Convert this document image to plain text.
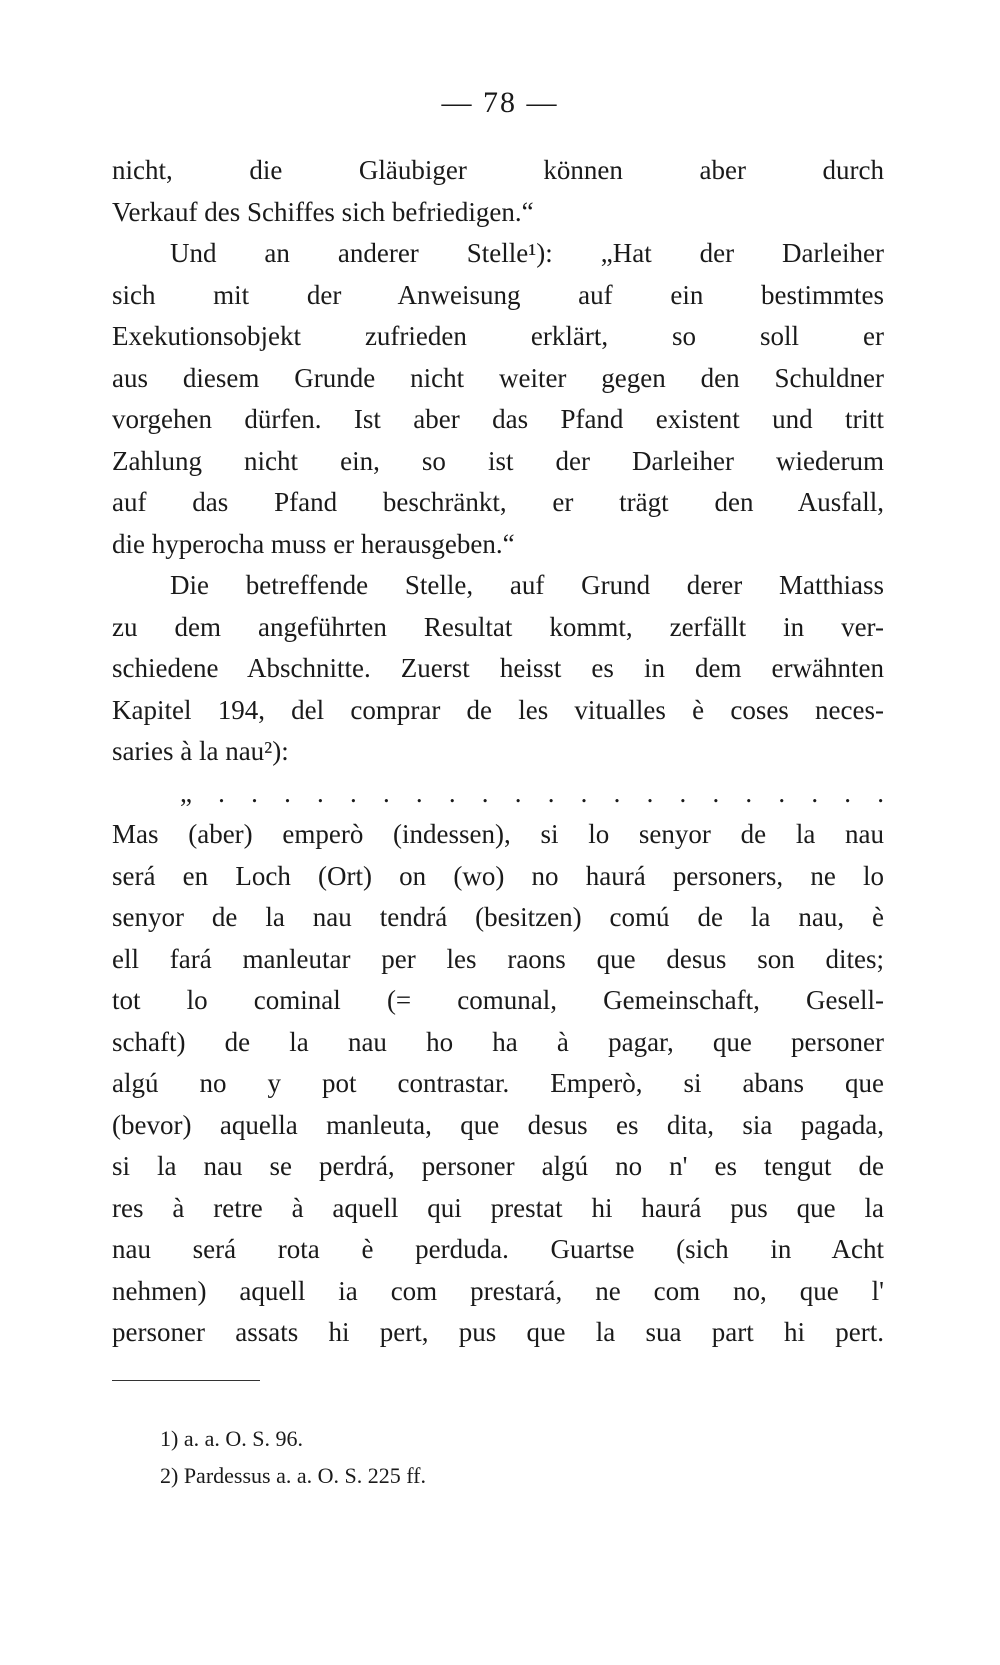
— 78 —
nicht, die Gläubiger können aber durch
Verkauf des Schiffes sich befriedigen.“
Und an anderer Stelle¹): „Hat der Darleiher
sich mit der Anweisung auf ein bestimmtes
Exekutionsobjekt zufrieden erklärt, so soll er
aus diesem Grunde nicht weiter gegen den Schuldner
vorgehen dürfen. Ist aber das Pfand existent und tritt
Zahlung nicht ein, so ist der Darleiher wiederum
auf das Pfand beschränkt, er trägt den Ausfall,
die hyperocha muss er herausgeben.“
Die betreffende Stelle, auf Grund derer Matthiass
zu dem angeführten Resultat kommt, zerfällt in ver-
schiedene Abschnitte. Zuerst heisst es in dem erwähnten
Kapitel 194, del comprar de les vitualles è coses neces-
saries à la nau²):
„ . . . . . . . . . . . . . . . . . . . . .
Mas (aber) emperò (indessen), si lo senyor de la nau
será en Loch (Ort) on (wo) no haurá personers, ne lo
senyor de la nau tendrá (besitzen) comú de la nau, è
ell fará manleutar per les raons que desus son dites;
tot lo cominal (= comunal, Gemeinschaft, Gesell-
schaft) de la nau ho ha à pagar, que personer
algú no y pot contrastar. Emperò, si abans que
(bevor) aquella manleuta, que desus es dita, sia pagada,
si la nau se perdrá, personer algú no n' es tengut de
res à retre à aquell qui prestat hi haurá pus que la
nau será rota è perduda. Guartse (sich in Acht
nehmen) aquell ia com prestará, ne com no, que l'
personer assats hi pert, pus que la sua part hi pert.
1) a. a. O. S. 96.
2) Pardessus a. a. O. S. 225 ff.
